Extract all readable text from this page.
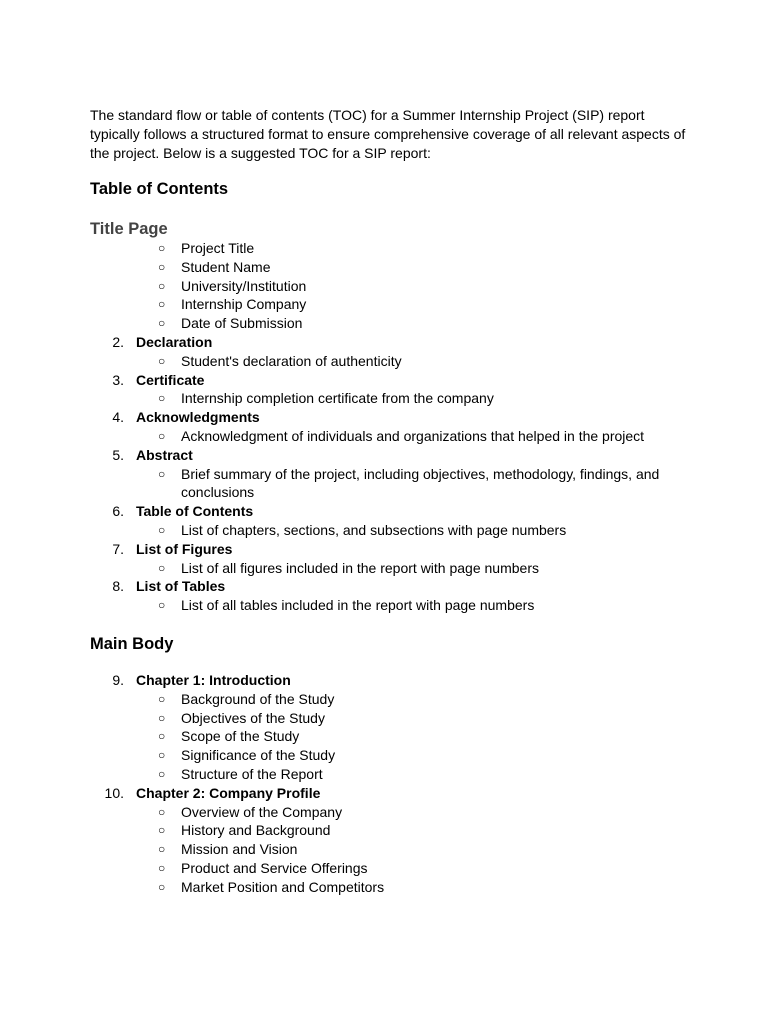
The standard flow or table of contents (TOC) for a Summer Internship Project (SIP) report typically follows a structured format to ensure comprehensive coverage of all relevant aspects of the project. Below is a suggested TOC for a SIP report:

Table of Contents
Title Page
○ Project Title
○ Student Name
○ University/Institution
○ Internship Company
○ Date of Submission
2. Declaration
○ Student's declaration of authenticity
3. Certificate
○ Internship completion certificate from the company
4. Acknowledgments
○ Acknowledgment of individuals and organizations that helped in the project
5. Abstract
○ Brief summary of the project, including objectives, methodology, findings, and conclusions
6. Table of Contents
○ List of chapters, sections, and subsections with page numbers
7. List of Figures
○ List of all figures included in the report with page numbers
8. List of Tables
○ List of all tables included in the report with page numbers
Main Body
9. Chapter 1: Introduction
○ Background of the Study
○ Objectives of the Study
○ Scope of the Study
○ Significance of the Study
○ Structure of the Report
10. Chapter 2: Company Profile
○ Overview of the Company
○ History and Background
○ Mission and Vision
○ Product and Service Offerings
○ Market Position and Competitors
